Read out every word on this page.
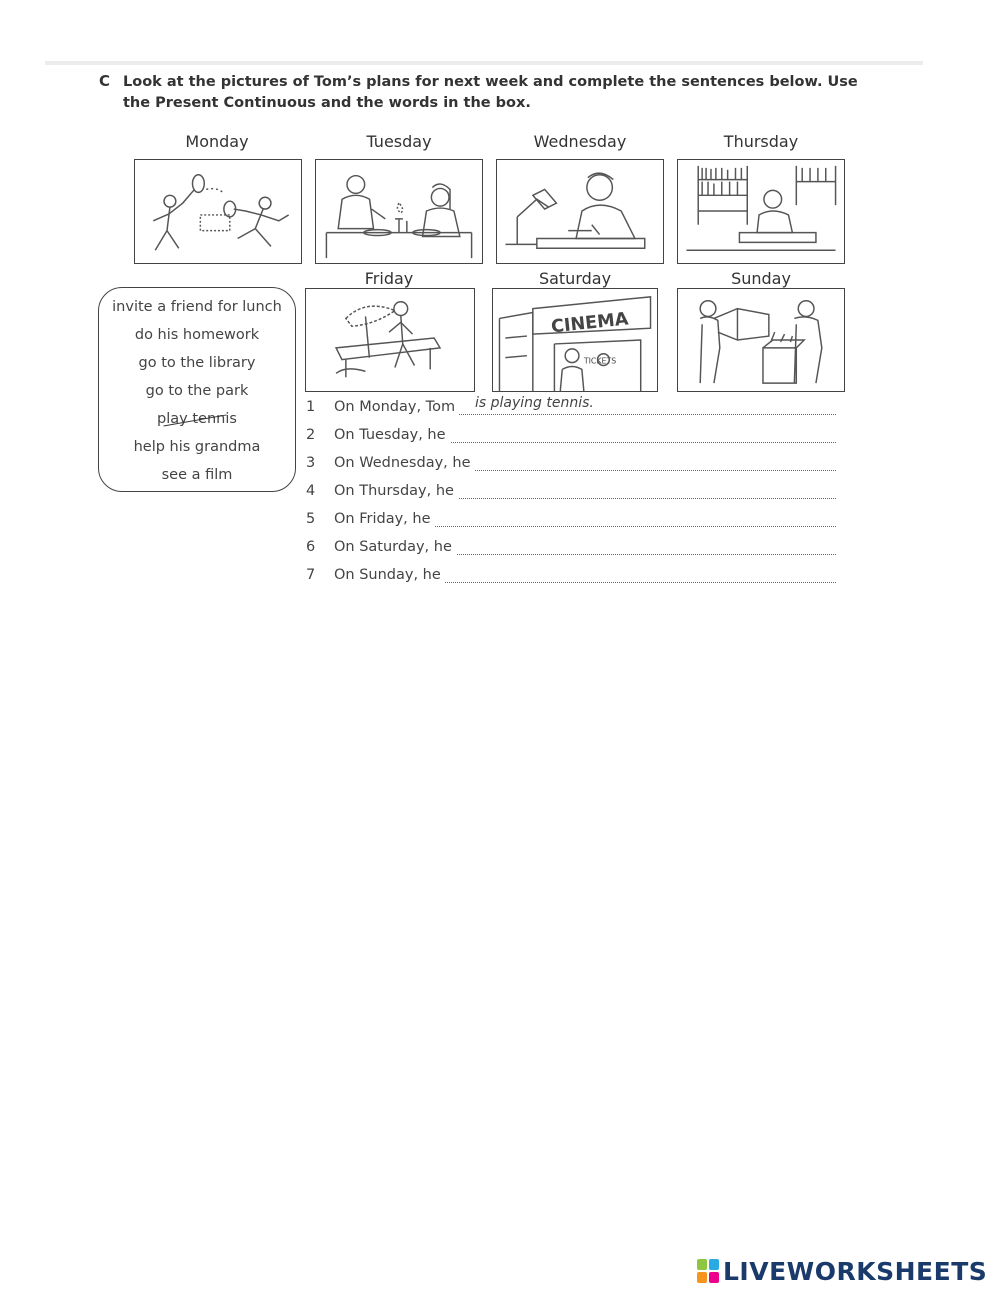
C Look at the pictures of Tom’s plans for next week and complete the sentences below. Use the Present Continuous and the words in the box.
Monday	Tuesday	Wednesday	Thursday
Friday	Saturday	Sunday
CINEMA
TICKETS
invite a friend for lunch
do his homework
go to the library
go to the park
play tennis
help his grandma
see a film
1	On Monday, Tom is playing tennis.
2	On Tuesday, he
3	On Wednesday, he
4	On Thursday, he
5	On Friday, he
6	On Saturday, he
7	On Sunday, he
LIVEWORKSHEETS
